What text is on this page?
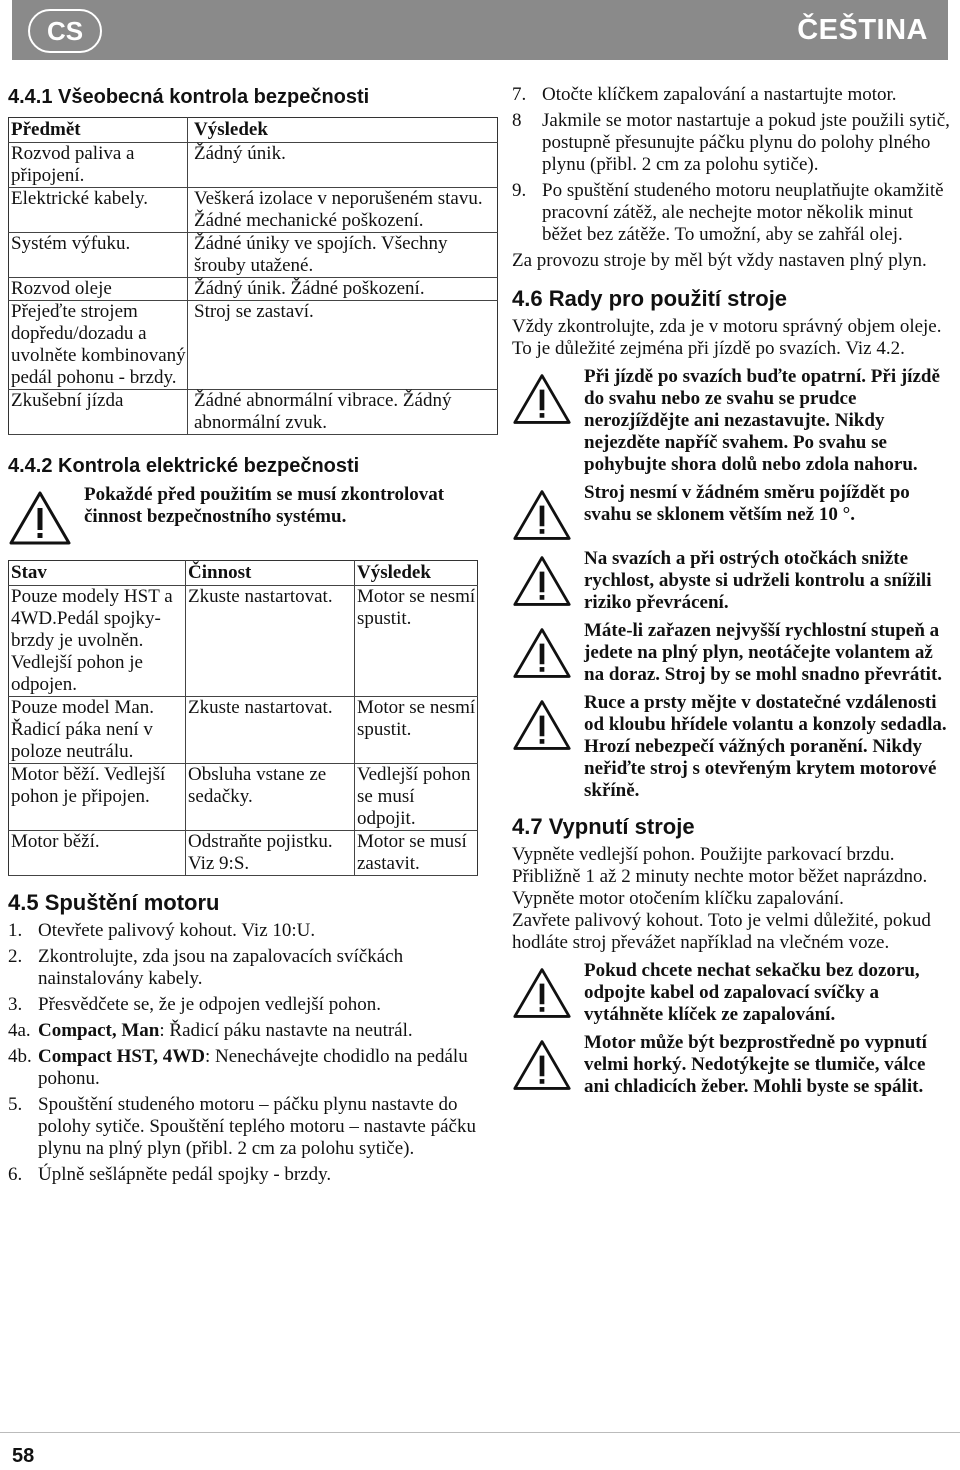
CS	ČEŠTINA
4.4.1 Všeobecná kontrola bezpečnosti
Předmět	Výsledek
Rozvod paliva a připojení.	Žádný únik.
Elektrické kabely.	Veškerá izolace v neporušeném stavu. Žádné mechanické poškození.
Systém výfuku.	Žádné úniky ve spojích. Všechny šrouby utažené.
Rozvod oleje	Žádný únik. Žádné poškození.
Přejeďte strojem dopředu/dozadu a uvolněte kombinovaný pedál pohonu - brzdy.	Stroj se zastaví.
Zkušební jízda	Žádné abnormální vibrace. Žádný abnormální zvuk.
4.4.2 Kontrola elektrické bezpečnosti
Pokaždé před použitím se musí zkontrolovat činnost bezpečnostního systému.
Stav	Činnost	Výsledek
Pouze modely HST a 4WD.Pedál spojky-brzdy je uvolněn. Vedlejší pohon je odpojen.	Zkuste nastartovat.	Motor se nesmí spustit.
Pouze model Man. Řadicí páka není v poloze neutrálu.	Zkuste nastartovat.	Motor se nesmí spustit.
Motor běží. Vedlejší pohon je připojen.	Obsluha vstane ze sedačky.	Vedlejší pohon se musí odpojit.
Motor běží.	Odstraňte pojistku. Viz 9:S.	Motor se musí zastavit.
4.5 Spuštění motoru
1. Otevřete palivový kohout. Viz 10:U.
2. Zkontrolujte, zda jsou na zapalovacích svíčkách nainstalovány kabely.
3. Přesvědčete se, že je odpojen vedlejší pohon.
4a. Compact, Man: Řadicí páku nastavte na neutrál.
4b. Compact HST, 4WD: Nenechávejte chodidlo na pedálu pohonu.
5. Spouštění studeného motoru – páčku plynu nastavte do polohy sytiče. Spouštění teplého motoru – nastavte páčku plynu na plný plyn (přibl. 2 cm za polohu sytiče).
6. Úplně sešlápněte pedál spojky - brzdy.
7. Otočte klíčkem zapalování a nastartujte motor.
8 Jakmile se motor nastartuje a pokud jste použili sytič, postupně přesunujte páčku plynu do polohy plného plynu (přibl. 2 cm za polohu sytiče).
9. Po spuštění studeného motoru neuplatňujte okamžitě pracovní zátěž, ale nechejte motor několik minut běžet bez zátěže. To umožní, aby se zahřál olej.

Za provozu stroje by měl být vždy nastaven plný plyn.

4.6 Rady pro použití stroje

Vždy zkontrolujte, zda je v motoru správný objem oleje. To je důležité zejména při jízdě po svazích. Viz 4.2.

Při jízdě po svazích buďte opatrní. Při jízdě do svahu nebo ze svahu se prudce nerozjíždějte ani nezastavujte. Nikdy nejezděte napříč svahem. Po svahu se pohybujte shora dolů nebo zdola nahoru.
Stroj nesmí v žádném směru pojíždět po svahu se sklonem větším než 10 °.
Na svazích a při ostrých otočkách snižte rychlost, abyste si udrželi kontrolu a snížili riziko převrácení.
Máte-li zařazen nejvyšší rychlostní stupeň a jedete na plný plyn, neotáčejte volantem až na doraz. Stroj by se mohl snadno převrátit.
Ruce a prsty mějte v dostatečné vzdálenosti od kloubu hřídele volantu a konzoly sedadla. Hrozí nebezpečí vážných poranění. Nikdy neřiďte stroj s otevřeným krytem motorové skříně.
4.7 Vypnutí stroje

Vypněte vedlejší pohon. Použijte parkovací brzdu.

Přibližně 1 až 2 minuty nechte motor běžet naprázdno. Vypněte motor otočením klíčku zapalování.

Zavřete palivový kohout. Toto je velmi důležité, pokud hodláte stroj převážet například na vlečném voze.

Pokud chcete nechat sekačku bez dozoru, odpojte kabel od zapalovací svíčky a vytáhněte klíček ze zapalování.
Motor může být bezprostředně po vypnutí velmi horký. Nedotýkejte se tlumiče, válce ani chladicích žeber. Mohli byste se spálit.
58
